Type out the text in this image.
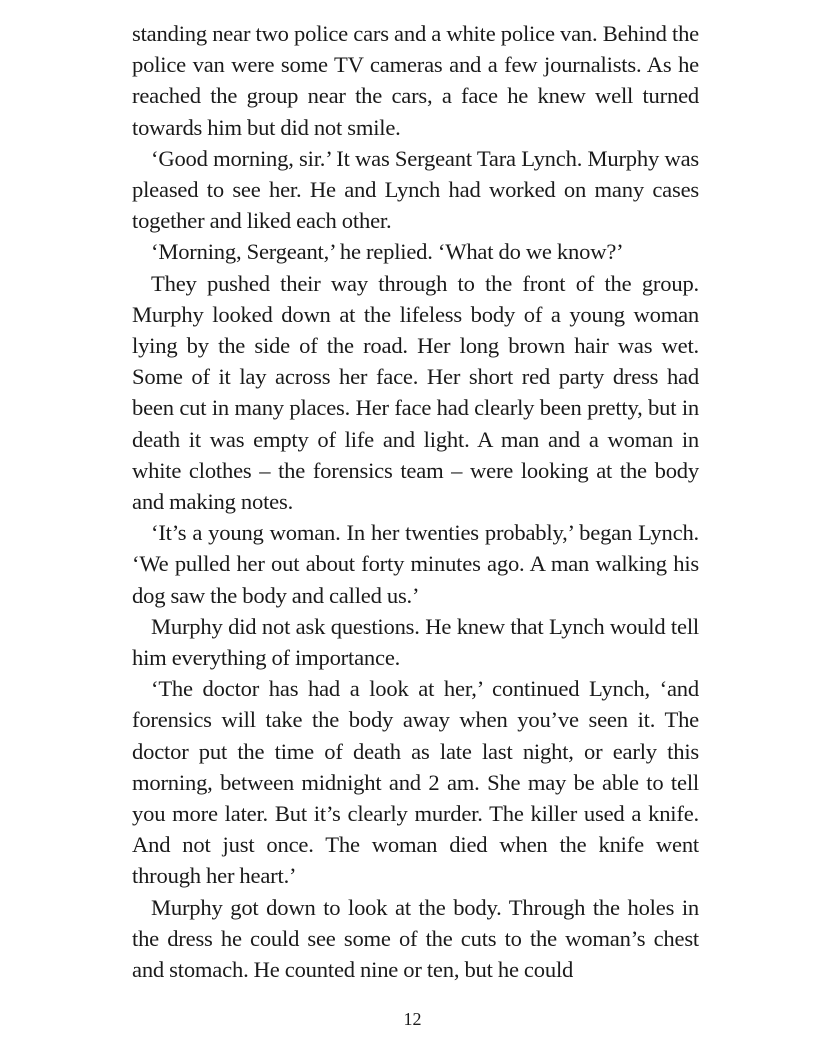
standing near two police cars and a white police van. Behind the police van were some TV cameras and a few journalists. As he reached the group near the cars, a face he knew well turned towards him but did not smile.

‘Good morning, sir.’ It was Sergeant Tara Lynch. Murphy was pleased to see her. He and Lynch had worked on many cases together and liked each other.

‘Morning, Sergeant,’ he replied. ‘What do we know?’

They pushed their way through to the front of the group. Murphy looked down at the lifeless body of a young woman lying by the side of the road. Her long brown hair was wet. Some of it lay across her face. Her short red party dress had been cut in many places. Her face had clearly been pretty, but in death it was empty of life and light. A man and a woman in white clothes – the forensics team – were looking at the body and making notes.

‘It’s a young woman. In her twenties probably,’ began Lynch. ‘We pulled her out about forty minutes ago. A man walking his dog saw the body and called us.’

Murphy did not ask questions. He knew that Lynch would tell him everything of importance.

‘The doctor has had a look at her,’ continued Lynch, ‘and forensics will take the body away when you’ve seen it. The doctor put the time of death as late last night, or early this morning, between midnight and 2 am. She may be able to tell you more later. But it’s clearly murder. The killer used a knife. And not just once. The woman died when the knife went through her heart.’

Murphy got down to look at the body. Through the holes in the dress he could see some of the cuts to the woman’s chest and stomach. He counted nine or ten, but he could

12
